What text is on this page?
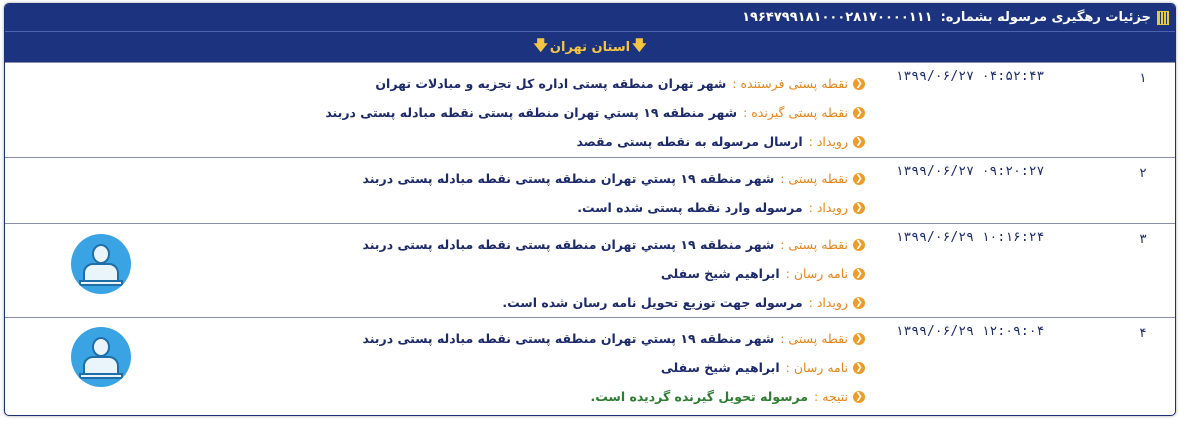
جزئیات رهگیری مرسوله بشماره:
۱۹۶۴۷۹۹۱۸۱۰۰۰۲۸۱۷۰۰۰۰۱۱۱
🡇 استان تهران 🡇
۱
۱۳۹۹/۰۶/۲۷ ۰۴:۵۲:۴۳
❮
نقطه پستی فرستنده :
شهر تهران منطقه پستی اداره کل تجزیه و مبادلات تهران
❮
نقطه پستی گیرنده :
شهر منطقه ۱۹ پستي تهران منطقه پستی نقطه مبادله پستی دربند
❮
رویداد :
ارسال مرسوله به نقطه پستی مقصد
۲
۱۳۹۹/۰۶/۲۷ ۰۹:۲۰:۲۷
❮
نقطه پستی :
شهر منطقه ۱۹ پستي تهران منطقه پستی نقطه مبادله پستی دربند
❮
رویداد :
مرسوله وارد نقطه پستی شده است.
۳
۱۳۹۹/۰۶/۲۹ ۱۰:۱۶:۲۴
❮
نقطه پستی :
شهر منطقه ۱۹ پستي تهران منطقه پستی نقطه مبادله پستی دربند
❮
نامه رسان :
ابراهیم شیخ سفلی
❮
رویداد :
مرسوله جهت توزیع تحویل نامه رسان شده است.
۴
۱۳۹۹/۰۶/۲۹ ۱۲:۰۹:۰۴
❮
نقطه پستی :
شهر منطقه ۱۹ پستي تهران منطقه پستی نقطه مبادله پستی دربند
❮
نامه رسان :
ابراهیم شیخ سفلی
❮
نتیجه :
مرسوله تحویل گیرنده گردیده است.
